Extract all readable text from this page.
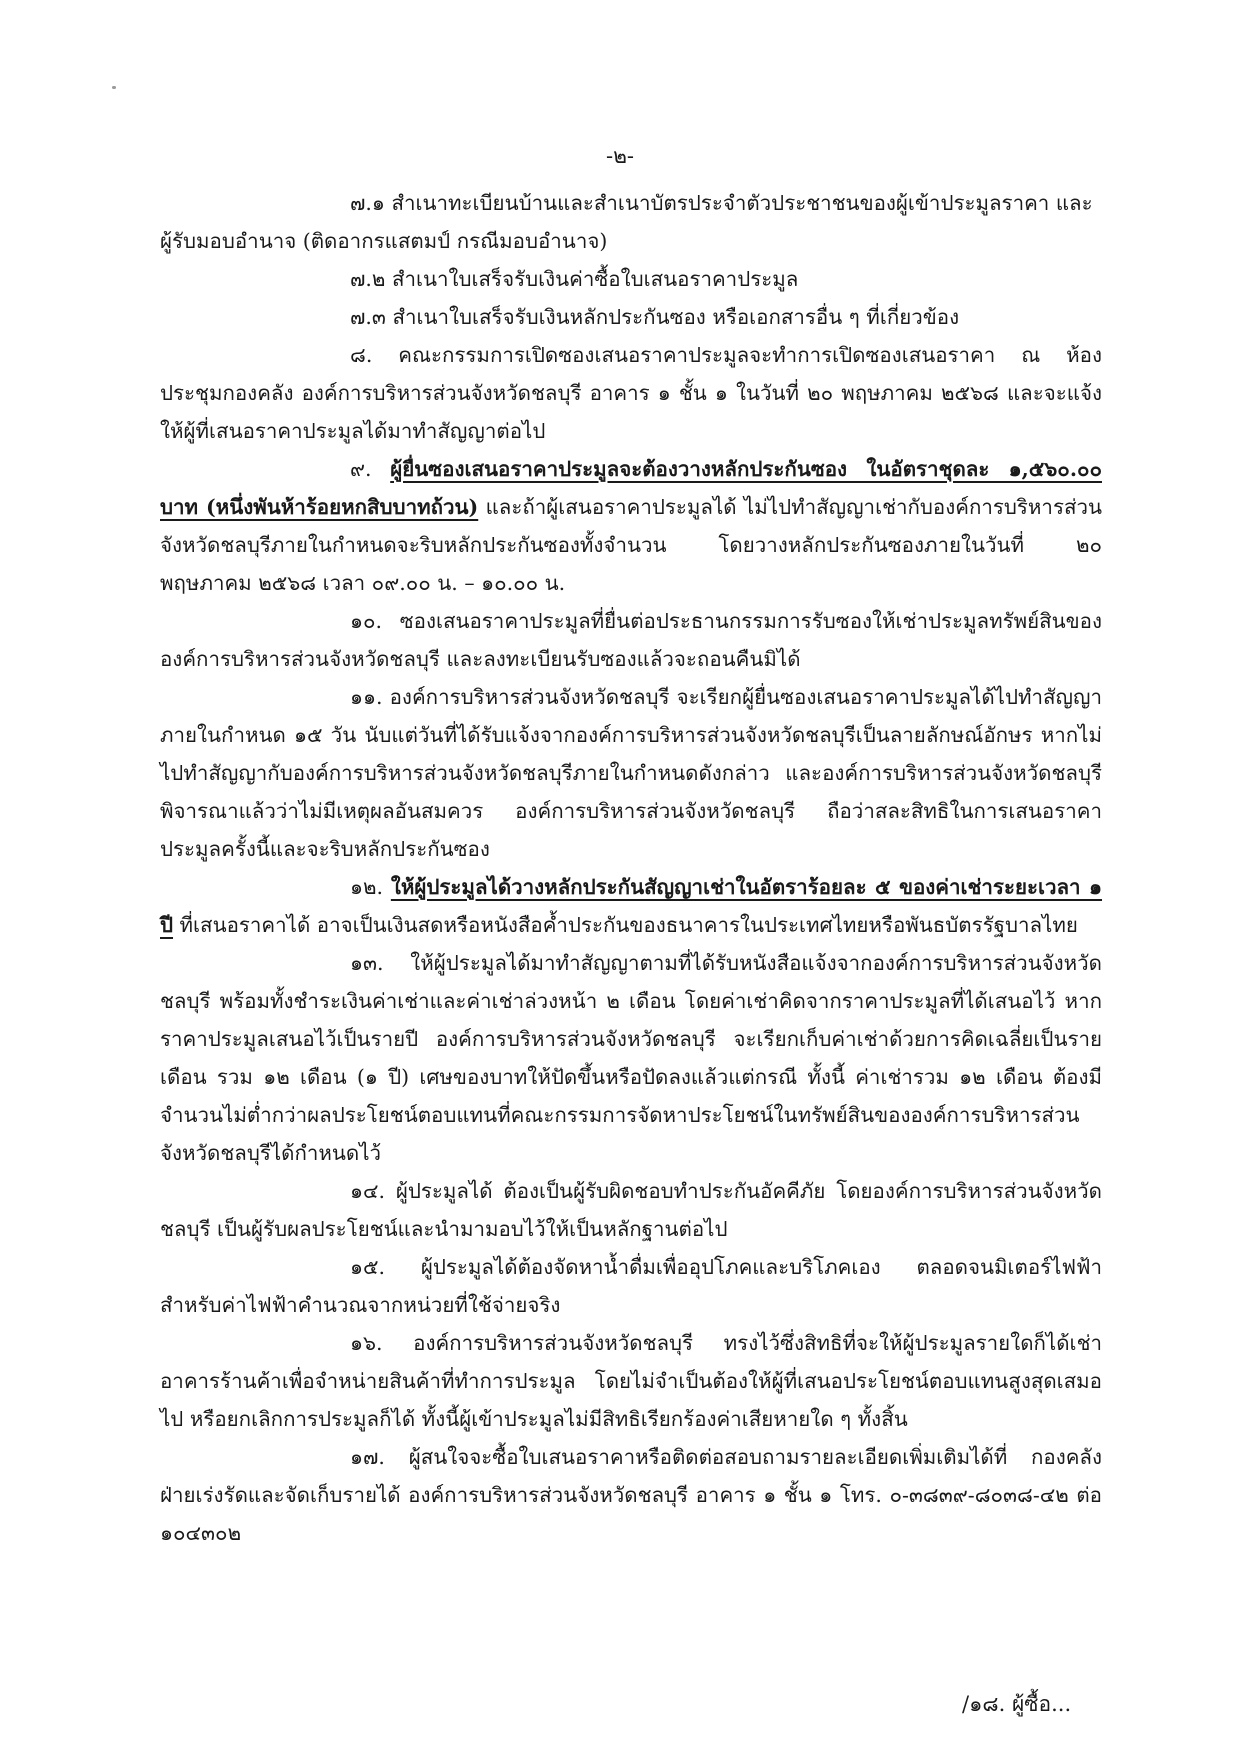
-๒-

๗.๑ สำเนาทะเบียนบ้านและสำเนาบัตรประจำตัวประชาชนของผู้เข้าประมูลราคา และ

ผู้รับมอบอำนาจ (ติดอากรแสตมป์ กรณีมอบอำนาจ)

๗.๒ สำเนาใบเสร็จรับเงินค่าซื้อใบเสนอราคาประมูล

๗.๓ สำเนาใบเสร็จรับเงินหลักประกันซอง หรือเอกสารอื่น ๆ ที่เกี่ยวข้อง

๘. คณะกรรมการเปิดซองเสนอราคาประมูลจะทำการเปิดซองเสนอราคา ณ ห้องประชุมกองคลัง องค์การบริหารส่วนจังหวัดชลบุรี อาคาร ๑ ชั้น ๑ ในวันที่ ๒๐ พฤษภาคม ๒๕๖๘ และจะแจ้งให้ผู้ที่เสนอราคาประมูลได้มาทำสัญญาต่อไป

๙. ผู้ยื่นซองเสนอราคาประมูลจะต้องวางหลักประกันซอง ในอัตราชุดละ ๑,๕๖๐.๐๐ บาท (หนึ่งพันห้าร้อยหกสิบบาทถ้วน) และถ้าผู้เสนอราคาประมูลได้ ไม่ไปทำสัญญาเช่ากับองค์การบริหารส่วนจังหวัดชลบุรีภายในกำหนดจะริบหลักประกันซองทั้งจำนวน โดยวางหลักประกันซองภายในวันที่ ๒๐ พฤษภาคม ๒๕๖๘ เวลา ๐๙.๐๐ น. – ๑๐.๐๐ น.

๑๐. ซองเสนอราคาประมูลที่ยื่นต่อประธานกรรมการรับซองให้เช่าประมูลทรัพย์สินขององค์การบริหารส่วนจังหวัดชลบุรี และลงทะเบียนรับซองแล้วจะถอนคืนมิได้

๑๑. องค์การบริหารส่วนจังหวัดชลบุรี จะเรียกผู้ยื่นซองเสนอราคาประมูลได้ไปทำสัญญาภายในกำหนด ๑๕ วัน นับแต่วันที่ได้รับแจ้งจากองค์การบริหารส่วนจังหวัดชลบุรีเป็นลายลักษณ์อักษร หากไม่ไปทำสัญญากับองค์การบริหารส่วนจังหวัดชลบุรีภายในกำหนดดังกล่าว และองค์การบริหารส่วนจังหวัดชลบุรีพิจารณาแล้วว่าไม่มีเหตุผลอันสมควร องค์การบริหารส่วนจังหวัดชลบุรี ถือว่าสละสิทธิในการเสนอราคาประมูลครั้งนี้และจะริบหลักประกันซอง

๑๒. ให้ผู้ประมูลได้วางหลักประกันสัญญาเช่าในอัตราร้อยละ ๕ ของค่าเช่าระยะเวลา ๑ ปี ที่เสนอราคาได้ อาจเป็นเงินสดหรือหนังสือค้ำประกันของธนาคารในประเทศไทยหรือพันธบัตรรัฐบาลไทย

๑๓. ให้ผู้ประมูลได้มาทำสัญญาตามที่ได้รับหนังสือแจ้งจากองค์การบริหารส่วนจังหวัดชลบุรี พร้อมทั้งชำระเงินค่าเช่าและค่าเช่าล่วงหน้า ๒ เดือน โดยค่าเช่าคิดจากราคาประมูลที่ได้เสนอไว้ หากราคาประมูลเสนอไว้เป็นรายปี องค์การบริหารส่วนจังหวัดชลบุรี จะเรียกเก็บค่าเช่าด้วยการคิดเฉลี่ยเป็นรายเดือน รวม ๑๒ เดือน (๑ ปี) เศษของบาทให้ปัดขึ้นหรือปัดลงแล้วแต่กรณี ทั้งนี้ ค่าเช่ารวม ๑๒ เดือน ต้องมีจำนวนไม่ต่ำกว่าผลประโยชน์ตอบแทนที่คณะกรรมการจัดหาประโยชน์ในทรัพย์สินขององค์การบริหารส่วนจังหวัดชลบุรีได้กำหนดไว้

๑๔. ผู้ประมูลได้ ต้องเป็นผู้รับผิดชอบทำประกันอัคคีภัย โดยองค์การบริหารส่วนจังหวัดชลบุรี เป็นผู้รับผลประโยชน์และนำมามอบไว้ให้เป็นหลักฐานต่อไป

๑๕. ผู้ประมูลได้ต้องจัดหาน้ำดื่มเพื่ออุปโภคและบริโภคเอง ตลอดจนมิเตอร์ไฟฟ้าสำหรับค่าไฟฟ้าคำนวณจากหน่วยที่ใช้จ่ายจริง

๑๖. องค์การบริหารส่วนจังหวัดชลบุรี ทรงไว้ซึ่งสิทธิที่จะให้ผู้ประมูลรายใดก็ได้เช่าอาคารร้านค้าเพื่อจำหน่ายสินค้าที่ทำการประมูล โดยไม่จำเป็นต้องให้ผู้ที่เสนอประโยชน์ตอบแทนสูงสุดเสมอไป หรือยกเลิกการประมูลก็ได้ ทั้งนี้ผู้เข้าประมูลไม่มีสิทธิเรียกร้องค่าเสียหายใด ๆ ทั้งสิ้น

๑๗. ผู้สนใจจะซื้อใบเสนอราคาหรือติดต่อสอบถามรายละเอียดเพิ่มเติมได้ที่ กองคลัง ฝ่ายเร่งรัดและจัดเก็บรายได้ องค์การบริหารส่วนจังหวัดชลบุรี อาคาร ๑ ชั้น ๑ โทร. ๐-๓๘๓๙-๘๐๓๘-๔๒ ต่อ ๑๐๔๓๐๒

/๑๘. ผู้ซื้อ...
